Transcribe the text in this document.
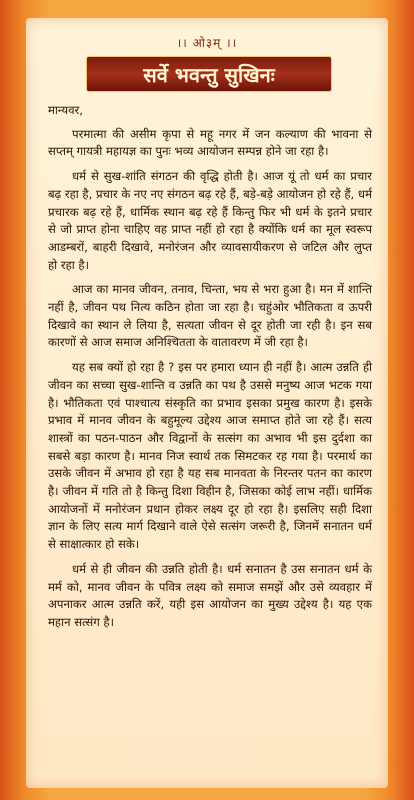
।। ओ३म् ।।
सर्वे भवन्तु सुखिनः

मान्यवर,

परमात्मा की असीम कृपा से महू नगर में जन कल्याण की भावना से सप्तम् गायत्री महायज्ञ का पुनः भव्य आयोजन सम्पन्न होने जा रहा है।

धर्म से सुख-शांति संगठन की वृद्धि होती है। आज यूं तो धर्म का प्रचार बढ़ रहा है, प्रचार के नए नए संगठन बढ़ रहे हैं, बड़े-बड़े आयोजन हो रहे हैं, धर्म प्रचारक बढ़ रहे हैं, धार्मिक स्थान बढ़ रहे हैं किन्तु फिर भी धर्म के इतने प्रचार से जो प्राप्त होना चाहिए वह प्राप्त नहीं हो रहा है क्योंकि धर्म का मूल स्वरूप आडम्बरों, बाहरी दिखावे, मनोरंजन और व्यावसायीकरण से जटिल और लुप्त हो रहा है।

आज का मानव जीवन, तनाव, चिन्ता, भय से भरा हुआ है। मन में शान्ति नहीं है, जीवन पथ नित्य कठिन होता जा रहा है। चहुंओर भौतिकता व ऊपरी दिखावे का स्थान ले लिया है, सत्यता जीवन से दूर होती जा रही है। इन सब कारणों से आज समाज अनिश्चितता के वातावरण में जी रहा है।

यह सब क्यों हो रहा है ? इस पर हमारा ध्यान ही नहीं है। आत्म उन्नति ही जीवन का सच्चा सुख-शान्ति व उन्नति का पथ है उससे मनुष्य आज भटक गया है। भौतिकता एवं पाश्चात्य संस्कृति का प्रभाव इसका प्रमुख कारण है। इसके प्रभाव में मानव जीवन के बहुमूल्य उद्देश्य आज समाप्त होते जा रहे हैं। सत्य शास्त्रों का पठन-पाठन और विद्वानों के सत्संग का अभाव भी इस दुर्दशा का सबसे बड़ा कारण है। मानव निज स्वार्थ तक सिमटकर रह गया है। परमार्थ का उसके जीवन में अभाव हो रहा है यह सब मानवता के निरन्तर पतन का कारण है। जीवन में गति तो है किन्तु दिशा विहीन है, जिसका कोई लाभ नहीं। धार्मिक आयोजनों में मनोरंजन प्रधान होकर लक्ष्य दूर हो रहा है। इसलिए सही दिशा ज्ञान के लिए सत्य मार्ग दिखाने वाले ऐसे सत्संग जरूरी है, जिनमें सनातन धर्म से साक्षात्कार हो सके।

धर्म से ही जीवन की उन्नति होती है। धर्म सनातन है उस सनातन धर्म के मर्म को, मानव जीवन के पवित्र लक्ष्य को समाज समझें और उसे व्यवहार में अपनाकर आत्म उन्नति करें, यही इस आयोजन का मुख्य उद्देश्य है। यह एक महान सत्संग है।
